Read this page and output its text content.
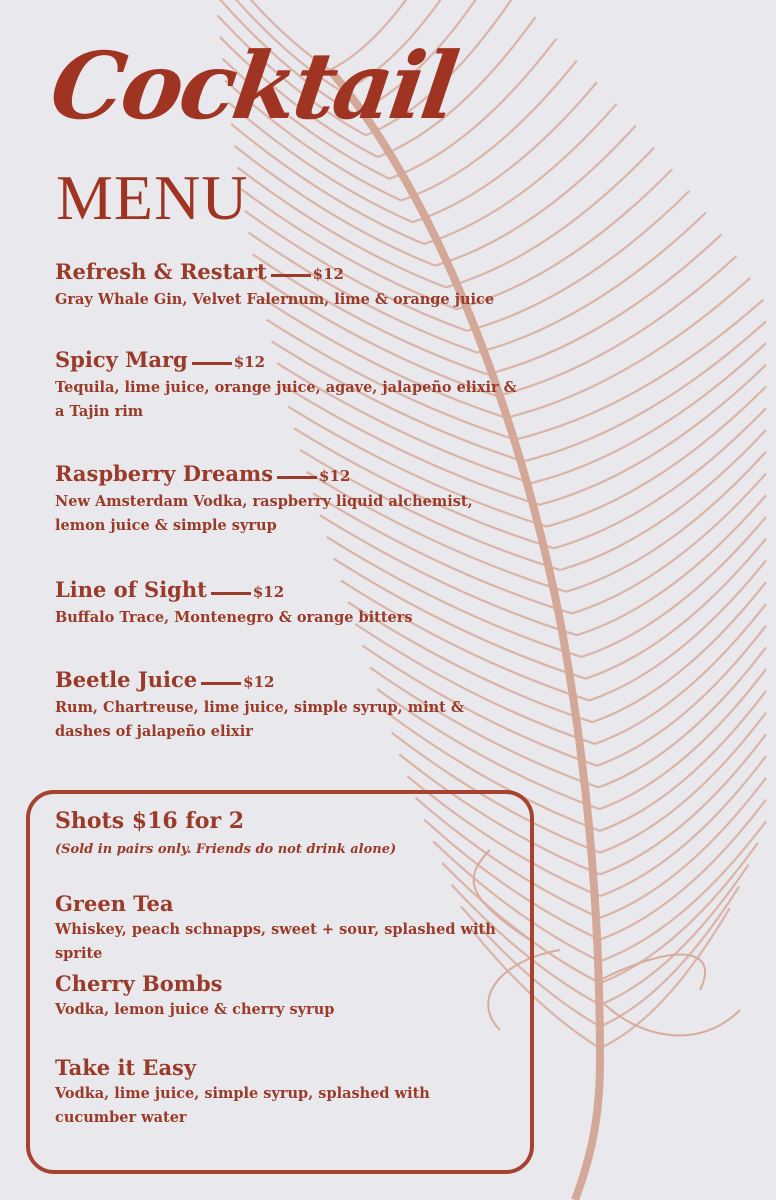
Cocktail
MENU
Refresh & Restart	$12
Gray Whale Gin, Velvet Falernum, lime & orange juice
Spicy Marg	$12
Tequila, lime juice, orange juice, agave, jalapeño elixir & a Tajin rim
Raspberry Dreams	$12
New Amsterdam Vodka, raspberry liquid alchemist, lemon juice & simple syrup
Line of Sight	$12
Buffalo Trace, Montenegro & orange bitters
Beetle Juice	$12
Rum, Chartreuse, lime juice, simple syrup, mint & dashes of jalapeño elixir
Shots $16 for 2
(Sold in pairs only. Friends do not drink alone)
Green Tea
Whiskey, peach schnapps, sweet + sour, splashed with sprite
Cherry Bombs
Vodka, lemon juice & cherry syrup
Take it Easy
Vodka, lime juice, simple syrup, splashed with cucumber water
